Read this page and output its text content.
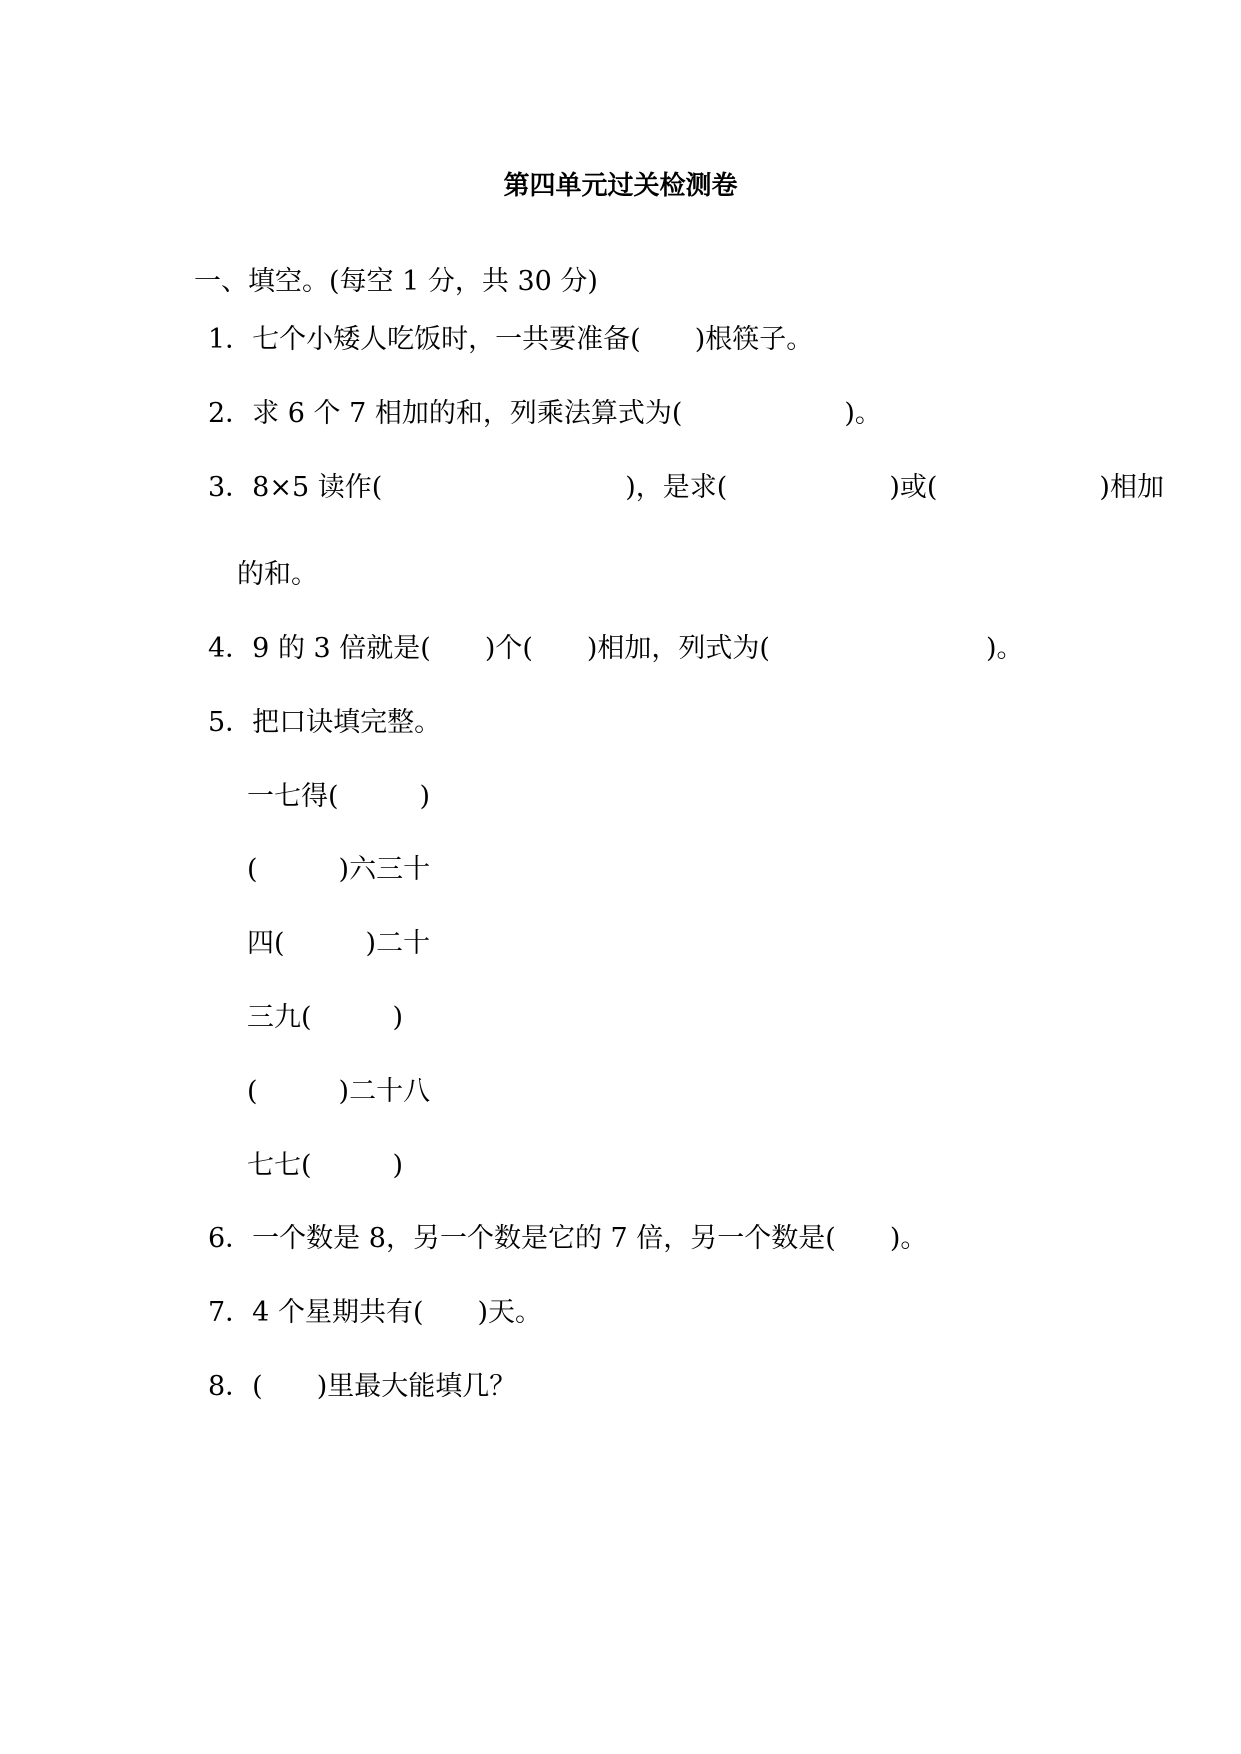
第四单元过关检测卷
一、填空。(每空 1 分，共 30 分)
1．七个小矮人吃饭时，一共要准备(　　)根筷子。
2．求 6 个 7 相加的和，列乘法算式为(　　　　　　)。
3．8×5 读作(　　　　　　　　　)，是求(　　　　　　)或(　　　　　　)相加
的和。
4．9 的 3 倍就是(　　)个(　　)相加，列式为(　　　　　　　　)。
5．把口诀填完整。
一七得(　　　)
(　　　)六三十
四(　　　)二十
三九(　　　)
(　　　)二十八
七七(　　　)
6．一个数是 8，另一个数是它的 7 倍，另一个数是(　　)。
7．4 个星期共有(　　)天。
8．(　　)里最大能填几？
